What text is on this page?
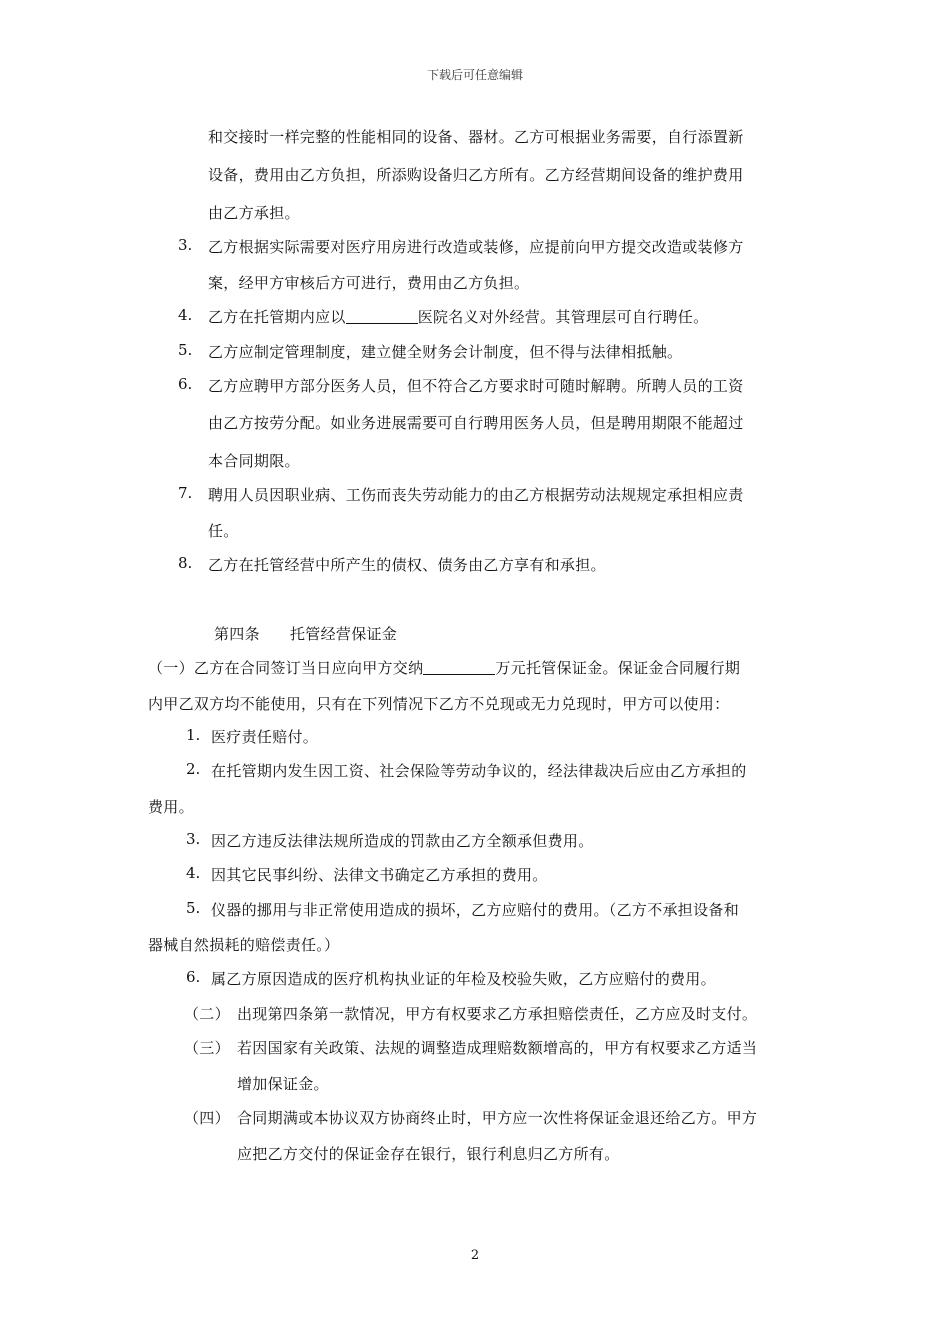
下载后可任意编辑
和交接时一样完整的性能相同的设备、器材。乙方可根据业务需要，自行添置新
设备，费用由乙方负担，所添购设备归乙方所有。乙方经营期间设备的维护费用
由乙方承担。
3. 乙方根据实际需要对医疗用房进行改造或装修，应提前向甲方提交改造或装修方
案，经甲方审核后方可进行，费用由乙方负担。
4. 乙方在托管期内应以	医院名义对外经营。其管理层可自行聘任。
5. 乙方应制定管理制度，建立健全财务会计制度，但不得与法律相抵触。
6. 乙方应聘甲方部分医务人员，但不符合乙方要求时可随时解聘。所聘人员的工资
由乙方按劳分配。如业务进展需要可自行聘用医务人员，但是聘用期限不能超过
本合同期限。
7. 聘用人员因职业病、工伤而丧失劳动能力的由乙方根据劳动法规规定承担相应责
任。
8. 乙方在托管经营中所产生的债权、债务由乙方享有和承担。
第四条 托管经营保证金
（一）乙方在合同签订当日应向甲方交纳	万元托管保证金。保证金合同履行期
内甲乙双方均不能使用，只有在下列情况下乙方不兑现或无力兑现时，甲方可以使用：
1. 医疗责任赔付。
2. 在托管期内发生因工资、社会保险等劳动争议的，经法律裁决后应由乙方承担的
费用。
3. 因乙方违反法律法规所造成的罚款由乙方全额承但费用。
4. 因其它民事纠纷、法律文书确定乙方承担的费用。
5. 仪器的挪用与非正常使用造成的损坏，乙方应赔付的费用。（乙方不承担设备和
器械自然损耗的赔偿责任。）
6. 属乙方原因造成的医疗机构执业证的年检及校验失败，乙方应赔付的费用。
（二） 出现第四条第一款情况，甲方有权要求乙方承担赔偿责任，乙方应及时支付。
（三） 若因国家有关政策、法规的调整造成理赔数额增高的，甲方有权要求乙方适当
增加保证金。
（四） 合同期满或本协议双方协商终止时，甲方应一次性将保证金退还给乙方。甲方
应把乙方交付的保证金存在银行，银行利息归乙方所有。
2
